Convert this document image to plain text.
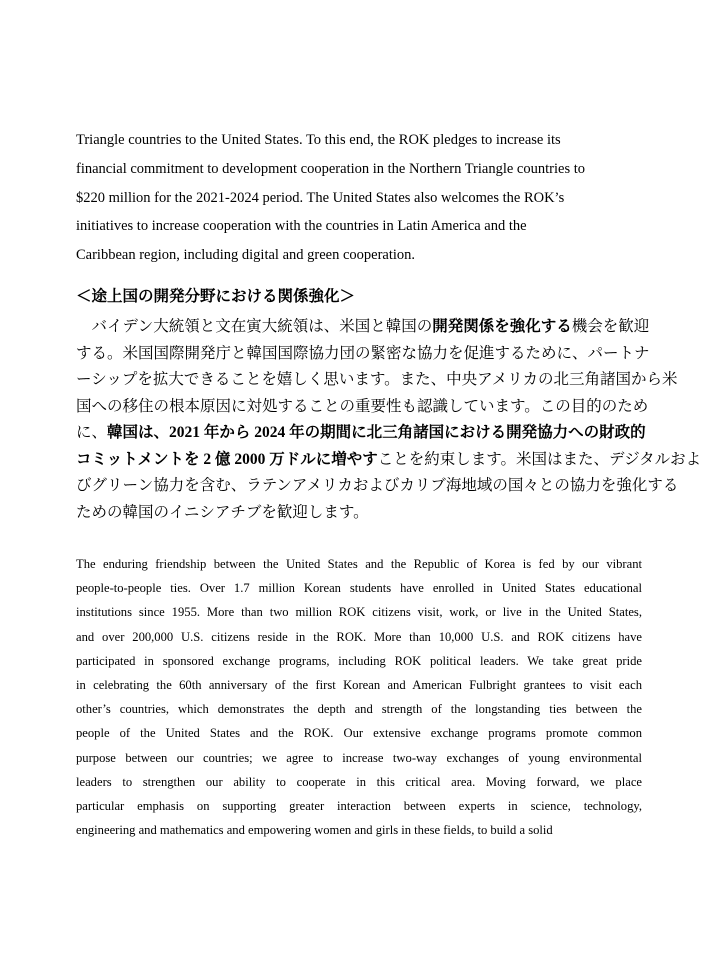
Triangle countries to the United States. To this end, the ROK pledges to increase its
financial commitment to development cooperation in the Northern Triangle countries to
$220 million for the 2021-2024 period. The United States also welcomes the ROK’s
initiatives to increase cooperation with the countries in Latin America and the
Caribbean region, including digital and green cooperation.
＜途上国の開発分野における関係強化＞
　バイデン大統領と文在寅大統領は、米国と韓国の開発関係を強化する機会を歓迎
する。米国国際開発庁と韓国国際協力団の緊密な協力を促進するために、パートナ
ーシップを拡大できることを嬉しく思います。また、中央アメリカの北三角諸国から米
国への移住の根本原因に対処することの重要性も認識しています。この目的のため
に、韓国は、2021 年から 2024 年の期間に北三角諸国における開発協力への財政的
コミットメントを 2 億 2000 万ドルに増やすことを約束します。米国はまた、デジタルおよ
びグリーン協力を含む、ラテンアメリカおよびカリブ海地域の国々との協力を強化する
ための韓国のイニシアチブを歓迎します。
The enduring friendship between the United States and the Republic of Korea is fed by our vibrant
people-to-people ties. Over 1.7 million Korean students have enrolled in United States educational
institutions since 1955. More than two million ROK citizens visit, work, or live in the United States,
and over 200,000 U.S. citizens reside in the ROK. More than 10,000 U.S. and ROK citizens have
participated in sponsored exchange programs, including ROK political leaders. We take great pride
in celebrating the 60th anniversary of the first Korean and American Fulbright grantees to visit each
other’s countries, which demonstrates the depth and strength of the longstanding ties between the
people of the United States and the ROK. Our extensive exchange programs promote common
purpose between our countries; we agree to increase two-way exchanges of young environmental
leaders to strengthen our ability to cooperate in this critical area. Moving forward, we place
particular emphasis on supporting greater interaction between experts in science, technology,
engineering and mathematics and empowering women and girls in these fields, to build a solid
